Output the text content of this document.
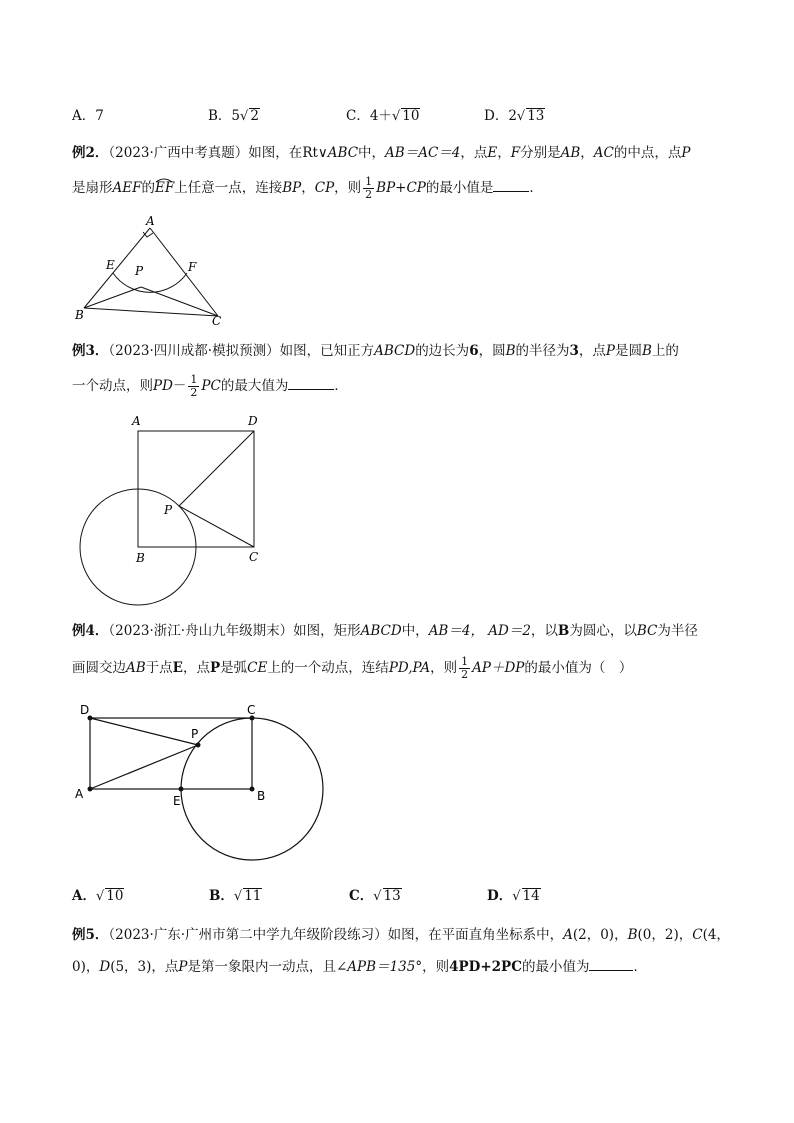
A．7	B．5√ 2	C．4＋√ 10	D．2√ 13
例2．（2023·广西中考真题）如图，在Rt∨ABC中，AB＝AC＝4，点E，F分别是AB，AC的中点，点P
是扇形AEF的EF
上任意一点，连接BP，CP，则 $\frac{1}{2} BP+CP$的最小值是	．
A
E P	F
B	C
例3．（2023·四川成都·模拟预测）如图，已知正方ABCD的边长为6，圆B的半径为3，点P是圆B上的
一个动点，则$PD- \frac{1}{2}$ PC的最大值为	．
A	D
P
B	C
例4．（2023·浙江·舟山九年级期末）如图，矩形ABCD中，AB＝4， AD＝2，以B为圆心，以BC为半径
画圆交边AB于点E，点P是弧CE上的一个动点，连结PD,PA，则 $\frac{1}{2} AP+DP$的最小值为（　）
D	C
P
A	E	B
A．√ 10	B．√ 11	C．√ 13	D．√ 14
例5．（2023·广东·广州市第二中学九年级阶段练习）如图，在平面直角坐标系中，A(2，0)，B(0，2)，C(4，
0)，D(5，3)，点P是第一象限内一动点，且∠APB＝135°，则4PD+2PC的最小值为	．
